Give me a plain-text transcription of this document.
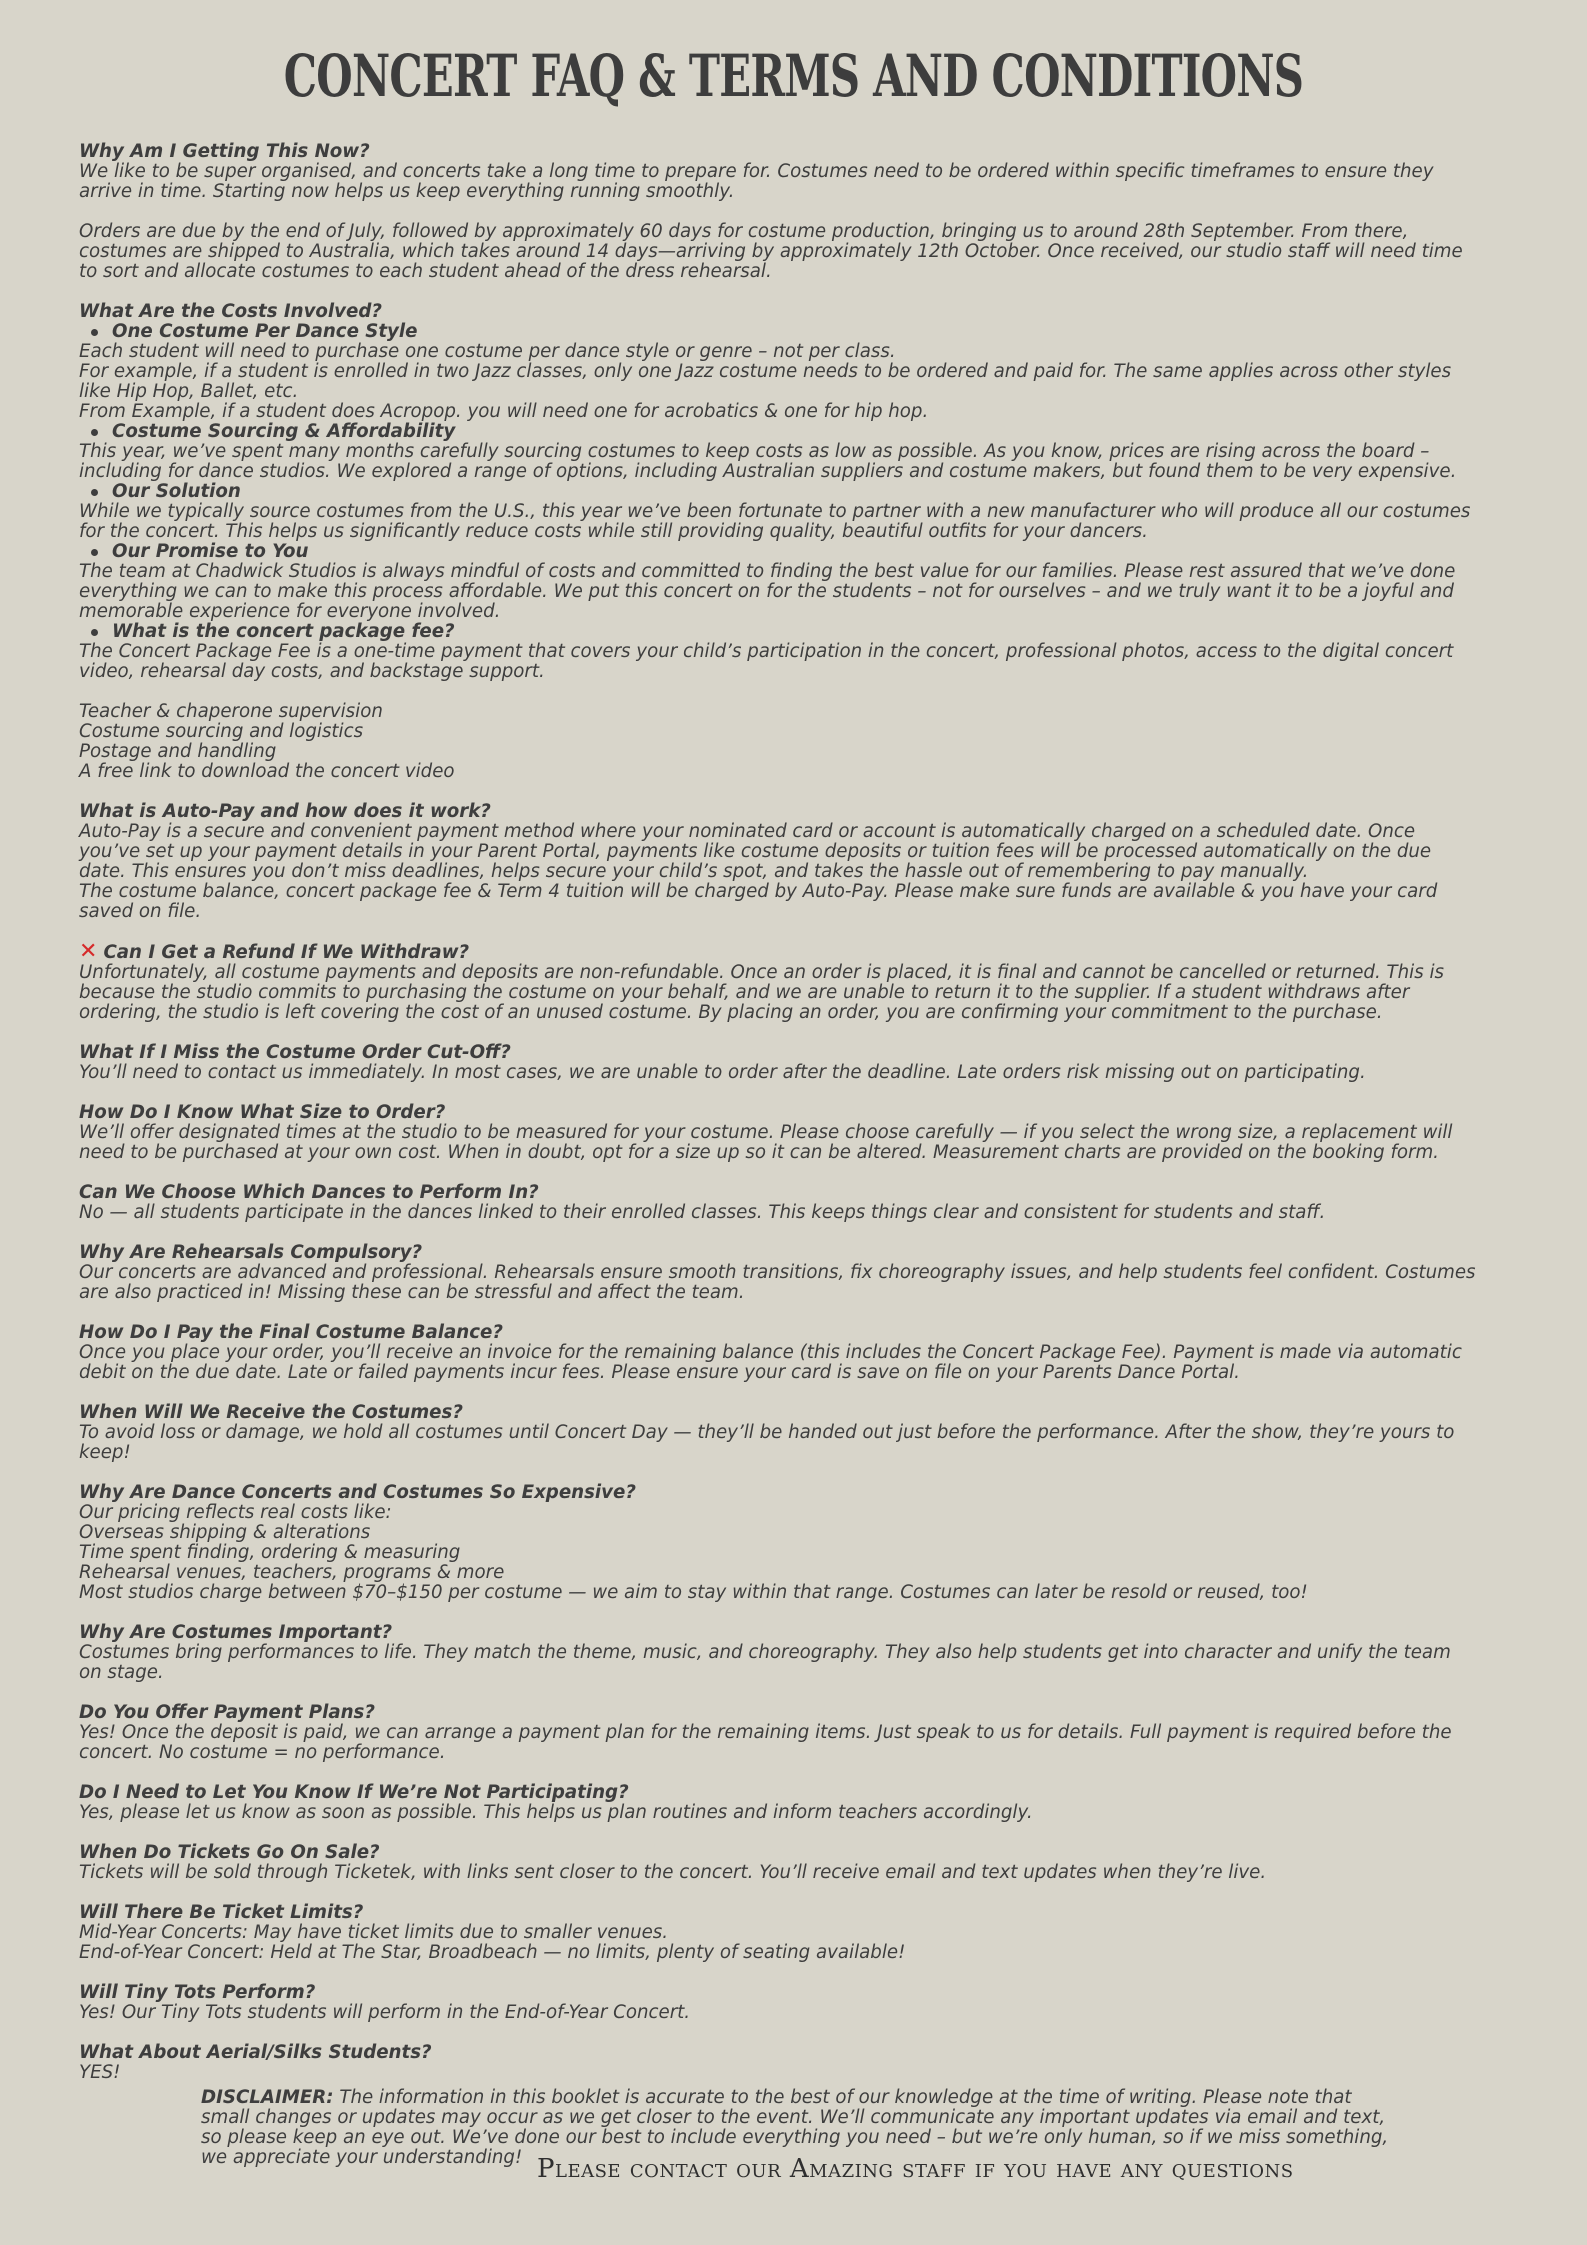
CONCERT FAQ & TERMS AND CONDITIONS
Why Am I Getting This Now?
We like to be super organised, and concerts take a long time to prepare for. Costumes need to be ordered within specific timeframes to ensure they arrive in time. Starting now helps us keep everything running smoothly.
Orders are due by the end of July, followed by approximately 60 days for costume production, bringing us to around 28th September. From there, costumes are shipped to Australia, which takes around 14 days—arriving by approximately 12th October. Once received, our studio staff will need time to sort and allocate costumes to each student ahead of the dress rehearsal.
What Are the Costs Involved?
One Costume Per Dance Style
Each student will need to purchase one costume per dance style or genre – not per class.
For example, if a student is enrolled in two Jazz classes, only one Jazz costume needs to be ordered and paid for. The same applies across other styles like Hip Hop, Ballet, etc.
From Example, if a student does Acropop. you will need one for acrobatics & one for hip hop.
Costume Sourcing & Affordability
This year, we’ve spent many months carefully sourcing costumes to keep costs as low as possible. As you know, prices are rising across the board – including for dance studios. We explored a range of options, including Australian suppliers and costume makers, but found them to be very expensive.
Our Solution
While we typically source costumes from the U.S., this year we’ve been fortunate to partner with a new manufacturer who will produce all our costumes for the concert. This helps us significantly reduce costs while still providing quality, beautiful outfits for your dancers.
Our Promise to You
The team at Chadwick Studios is always mindful of costs and committed to finding the best value for our families. Please rest assured that we’ve done everything we can to make this process affordable. We put this concert on for the students – not for ourselves – and we truly want it to be a joyful and memorable experience for everyone involved.
What is the concert package fee?
The Concert Package Fee is a one-time payment that covers your child’s participation in the concert, professional photos, access to the digital concert video, rehearsal day costs, and backstage support.
Teacher & chaperone supervision
Costume sourcing and logistics
Postage and handling
A free link to download the concert video
What is Auto-Pay and how does it work?
Auto-Pay is a secure and convenient payment method where your nominated card or account is automatically charged on a scheduled date. Once you’ve set up your payment details in your Parent Portal, payments like costume deposits or tuition fees will be processed automatically on the due date. This ensures you don’t miss deadlines, helps secure your child’s spot, and takes the hassle out of remembering to pay manually.
The costume balance, concert package fee & Term 4 tuition will be charged by Auto-Pay. Please make sure funds are available & you have your card saved on file.
✕ Can I Get a Refund If We Withdraw?
Unfortunately, all costume payments and deposits are non-refundable. Once an order is placed, it is final and cannot be cancelled or returned. This is because the studio commits to purchasing the costume on your behalf, and we are unable to return it to the supplier. If a student withdraws after ordering, the studio is left covering the cost of an unused costume. By placing an order, you are confirming your commitment to the purchase.
What If I Miss the Costume Order Cut-Off?
You’ll need to contact us immediately. In most cases, we are unable to order after the deadline. Late orders risk missing out on participating.
How Do I Know What Size to Order?
We’ll offer designated times at the studio to be measured for your costume. Please choose carefully — if you select the wrong size, a replacement will need to be purchased at your own cost. When in doubt, opt for a size up so it can be altered. Measurement charts are provided on the booking form.
Can We Choose Which Dances to Perform In?
No — all students participate in the dances linked to their enrolled classes. This keeps things clear and consistent for students and staff.
Why Are Rehearsals Compulsory?
Our concerts are advanced and professional. Rehearsals ensure smooth transitions, fix choreography issues, and help students feel confident. Costumes are also practiced in! Missing these can be stressful and affect the team.
How Do I Pay the Final Costume Balance?
Once you place your order, you’ll receive an invoice for the remaining balance (this includes the Concert Package Fee). Payment is made via automatic debit on the due date. Late or failed payments incur fees. Please ensure your card is save on file on your Parents Dance Portal.
When Will We Receive the Costumes?
To avoid loss or damage, we hold all costumes until Concert Day — they’ll be handed out just before the performance. After the show, they’re yours to keep!
Why Are Dance Concerts and Costumes So Expensive?
Our pricing reflects real costs like:
Overseas shipping & alterations
Time spent finding, ordering & measuring
Rehearsal venues, teachers, programs & more
Most studios charge between $70–$150 per costume — we aim to stay within that range. Costumes can later be resold or reused, too!
Why Are Costumes Important?
Costumes bring performances to life. They match the theme, music, and choreography. They also help students get into character and unify the team on stage.
Do You Offer Payment Plans?
Yes! Once the deposit is paid, we can arrange a payment plan for the remaining items. Just speak to us for details. Full payment is required before the concert. No costume = no performance.
Do I Need to Let You Know If We’re Not Participating?
Yes, please let us know as soon as possible. This helps us plan routines and inform teachers accordingly.
When Do Tickets Go On Sale?
Tickets will be sold through Ticketek, with links sent closer to the concert. You’ll receive email and text updates when they’re live.
Will There Be Ticket Limits?
Mid-Year Concerts: May have ticket limits due to smaller venues.
End-of-Year Concert: Held at The Star, Broadbeach — no limits, plenty of seating available!
Will Tiny Tots Perform?
Yes! Our Tiny Tots students will perform in the End-of-Year Concert.
What About Aerial/Silks Students?
YES!
DISCLAIMER: The information in this booklet is accurate to the best of our knowledge at the time of writing. Please note that small changes or updates may occur as we get closer to the event. We’ll communicate any important updates via email and text, so please keep an eye out. We’ve done our best to include everything you need – but we’re only human, so if we miss something, we appreciate your understanding! Please contact our Amazing staff if you have any questions
